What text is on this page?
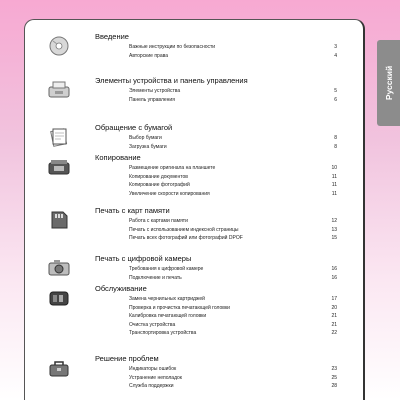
Русский
Введение
Важные инструкции по безопасности	3
Авторские права	4
Элементы устройства и панель управления
Элементы устройства	5
Панель управления	6
Обращение с бумагой
Выбор бумаги	8
Загрузка бумаги	8
Копирование
Размещение оригинала на планшете	10
Копирование документов	11
Копирование фотографий	11
Увеличение скорости копирования	11
Печать с карт памяти
Работа с картами памяти	12
Печать с использованием индексной страницы	13
Печать всех фотографий или фотографий DPOF	15
Печать с цифровой камеры
Требования к цифровой камере	16
Подключение и печать	16
Обслуживание
Замена чернильных картриджей	17
Проверка и прочистка печатающей головки	20
Калибровка печатающей головки	21
Очистка устройства	21
Транспортировка устройства	22
Решение проблем
Индикаторы ошибок	23
Устранение неполадок	25
Служба поддержки	28
